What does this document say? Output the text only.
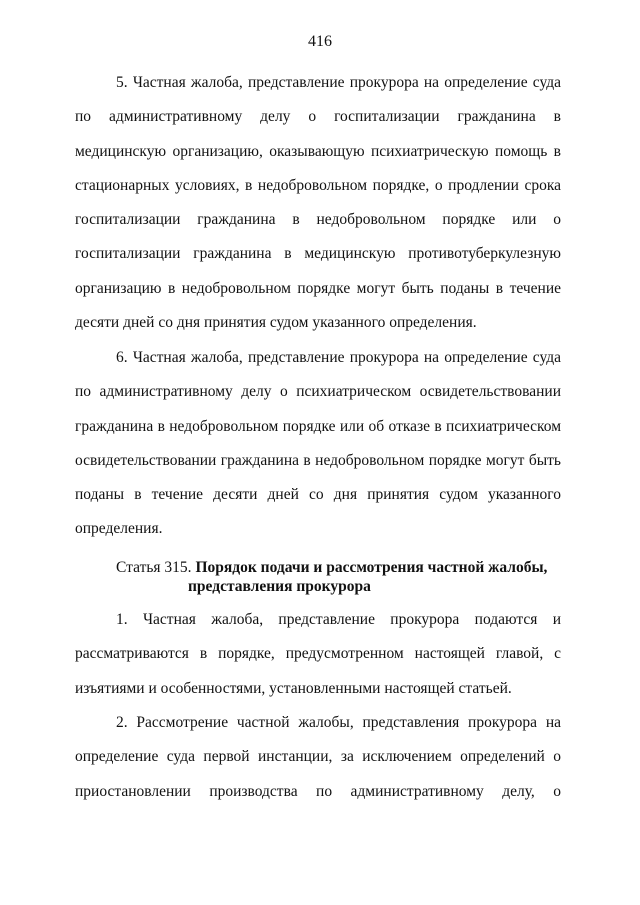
416

5. Частная жалоба, представление прокурора на определение суда по административному делу о госпитализации гражданина в медицинскую организацию, оказывающую психиатрическую помощь в стационарных условиях, в недобровольном порядке, о продлении срока госпитализации гражданина в недобровольном порядке или о госпитализации гражданина в медицинскую противотуберкулезную организацию в недобровольном порядке могут быть поданы в течение десяти дней со дня принятия судом указанного определения.

6. Частная жалоба, представление прокурора на определение суда по административному делу о психиатрическом освидетельствовании гражданина в недобровольном порядке или об отказе в психиатрическом освидетельствовании гражданина в недобровольном порядке могут быть поданы в течение десяти дней со дня принятия судом указанного определения.

Статья 315. Порядок подачи и рассмотрения частной жалобы,
представления прокурора

1. Частная жалоба, представление прокурора подаются и рассматриваются в порядке, предусмотренном настоящей главой, с изъятиями и особенностями, установленными настоящей статьей.

2. Рассмотрение частной жалобы, представления прокурора на определение суда первой инстанции, за исключением определений о приостановлении производства по административному делу, о
